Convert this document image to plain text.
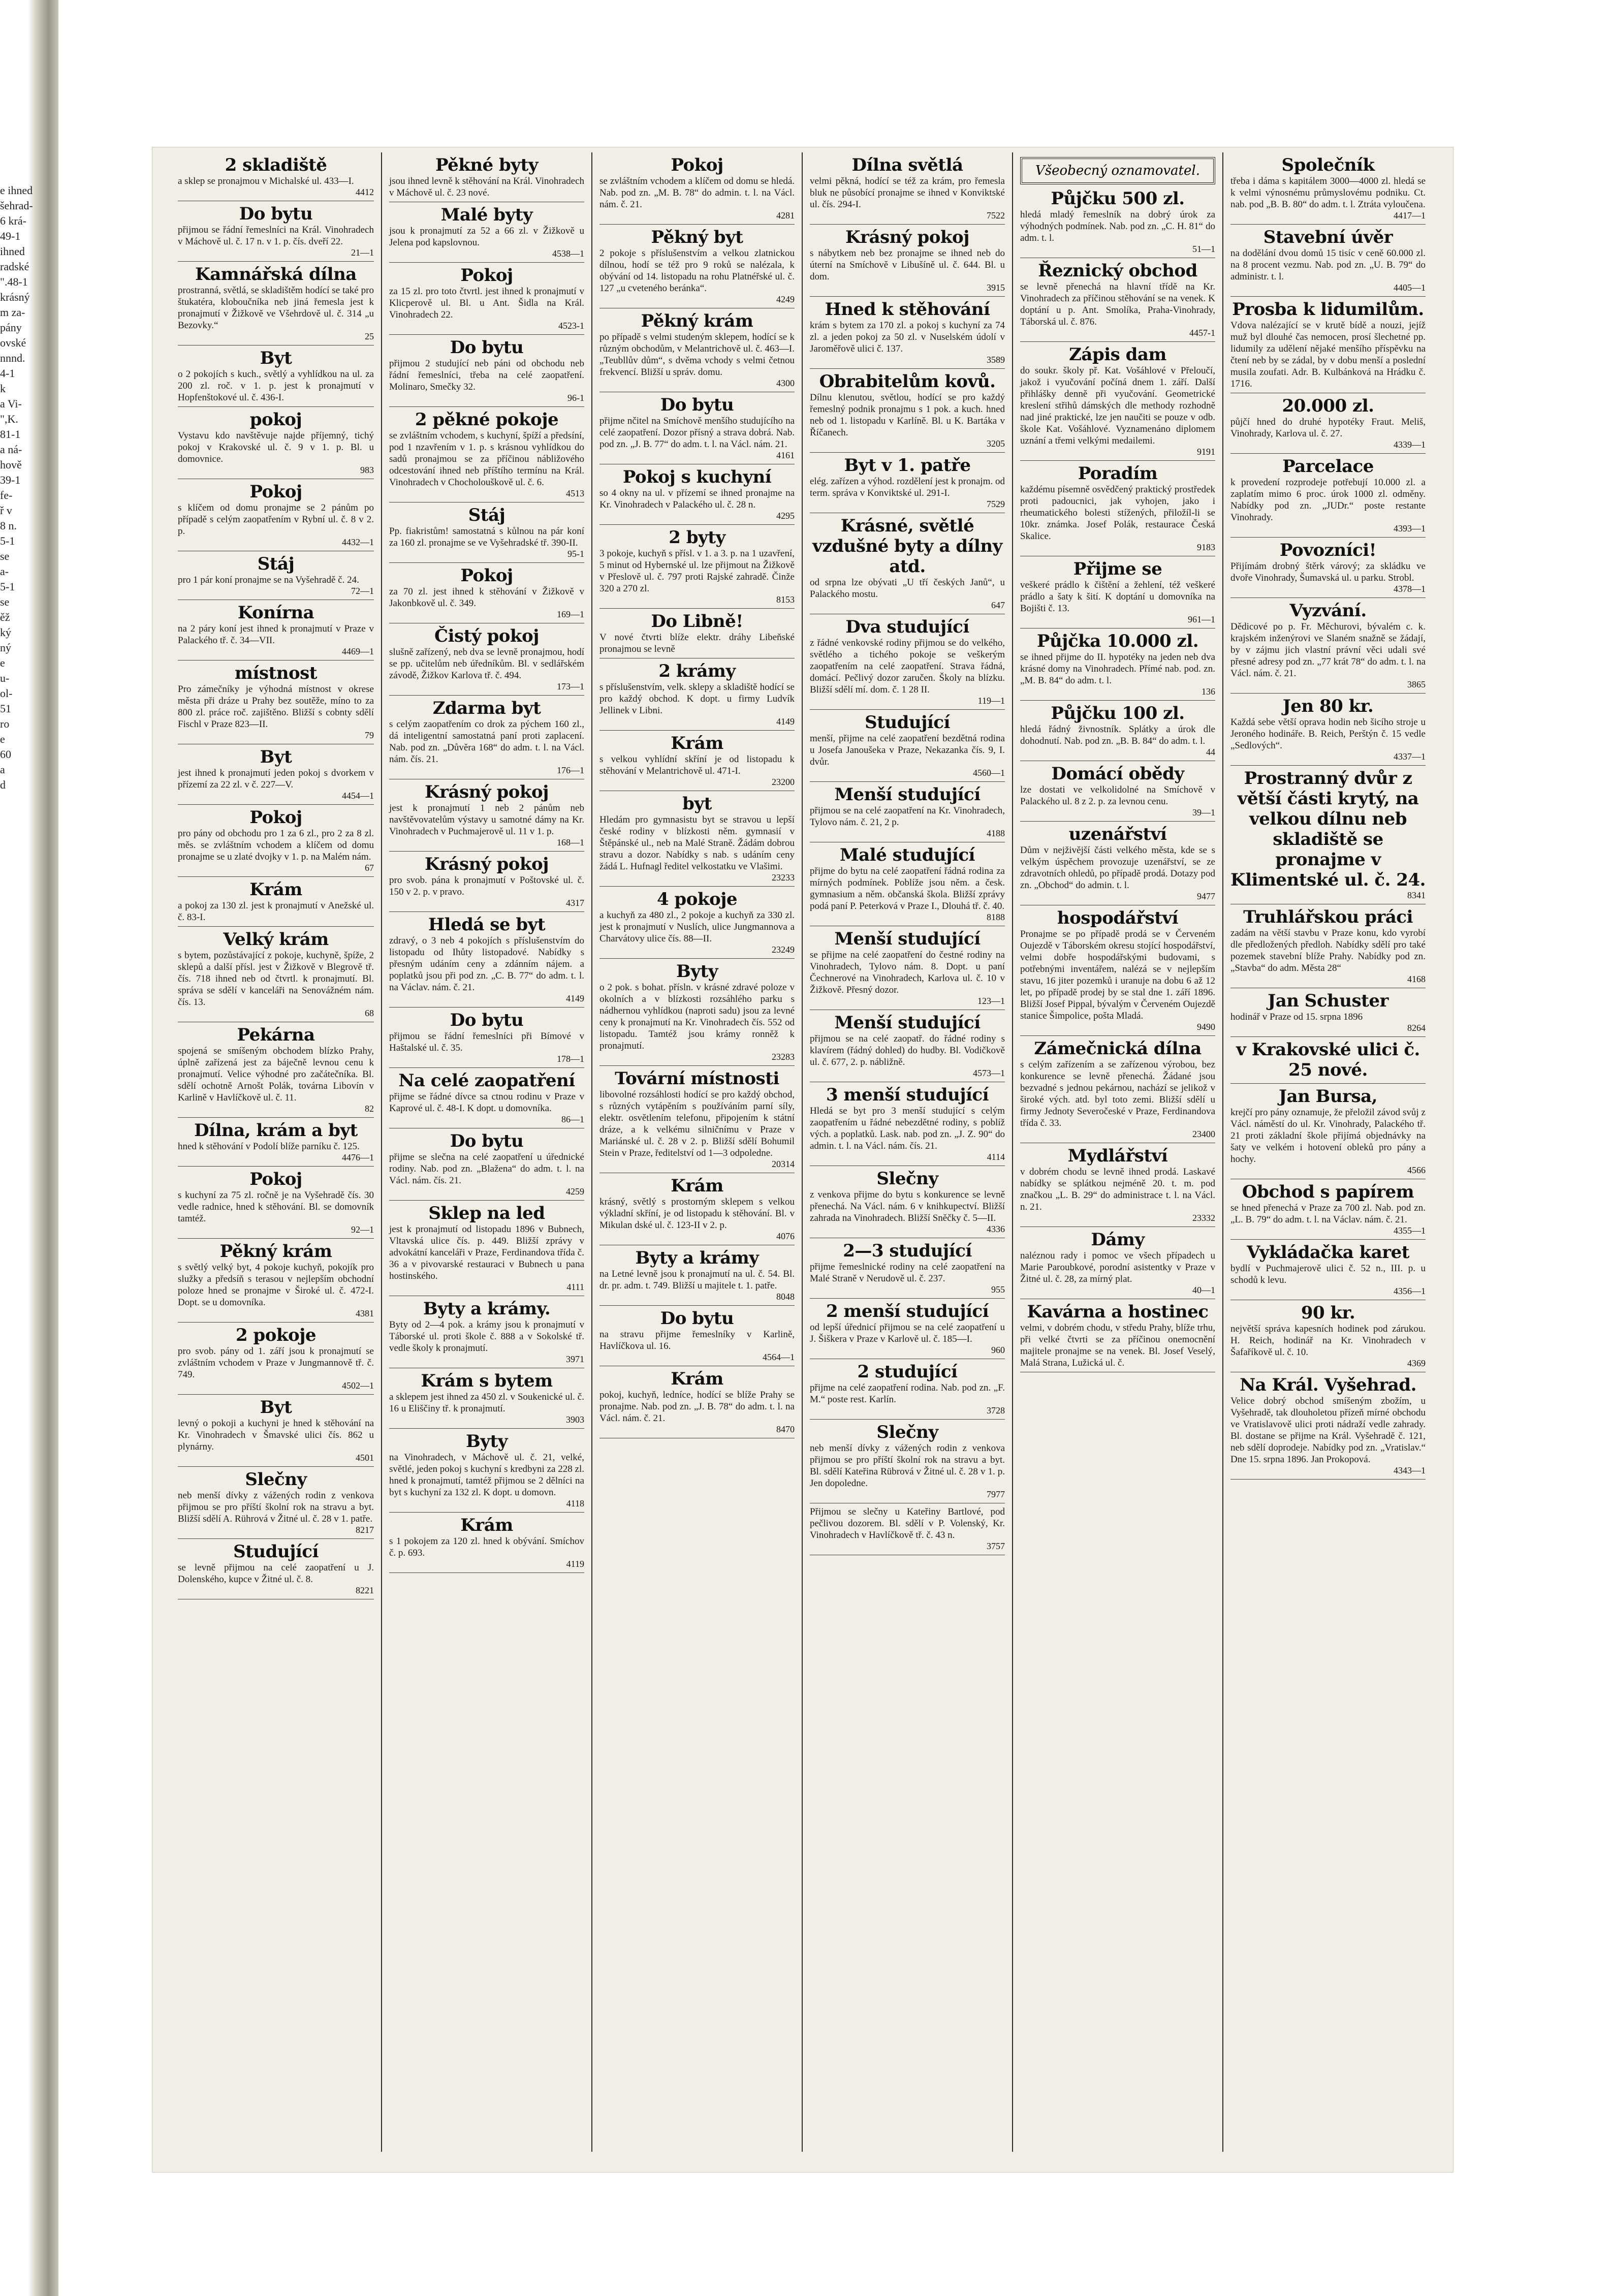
e ihned
šehrad-
6 krá-
49-1
ihned
radské
".48-1
krásný
m za-
pány
ovské
nnnd.
4-1
k
a Vi-
",K.
81-1
a ná-
hově
39-1
fe-
ř v
8 n.
5-1
se
a-
5-1
se
ěž
ký
ný
e
u-
ol-
51
ro
e
60
a
d
2 skladiště

a sklep se pronajmou v Michalské ul. 433—I.

4412
Do bytu

přijmou se řádní řemeslníci na Král. Vinohradech v Máchově ul. č. 17 n. v 1. p. čís. dveří 22.

21—1
Kamnářská dílna

prostranná, světlá, se skladištěm hodící se také pro štukatéra, kloboučníka neb jiná řemesla jest k pronajmutí v Žižkově ve Všehrdově ul. č. 314 „u Bezovky.“

25
Byt

o 2 pokojích s kuch., světlý a vyhlídkou na ul. za 200 zl. roč. v 1. p. jest k pronajmutí v Hopfenštokové ul. č. 436-I.

pokoj

Vystavu kdo navštěvuje najde příjemný, tichý pokoj v Krakovské ul. č. 9 v 1. p. Bl. u domovnice.

983
Pokoj

s klíčem od domu pronajme se 2 pánům po případě s celým zaopatřením v Rybní ul. č. 8 v 2. p.

4432—1
Stáj

pro 1 pár koní pronajme se na Vyšehradě č. 24.

72—1
Konírna

na 2 páry koní jest ihned k pronajmutí v Praze v Palackého tř. č. 34—VII.

4469—1
místnost

Pro zámečníky je výhodná místnost v okrese města při dráze u Prahy bez soutěže, míno to za 800 zl. práce roč. zajištěno. Bližší s cobnty sdělí Fischl v Praze 823—II.

79
Byt

jest ihned k pronajmutí jeden pokoj s dvorkem v přízemí za 22 zl. v č. 227—V.

4454—1
Pokoj

pro pány od obchodu pro 1 za 6 zl., pro 2 za 8 zl. měs. se zvláštním vchodem a klíčem od domu pronajme se u zlaté dvojky v 1. p. na Malém nám.

67
Krám

a pokoj za 130 zl. jest k pronajmutí v Anežské ul. č. 83-I.

Velký krám

s bytem, pozůstávající z pokoje, kuchyně, špíže, 2 sklepů a další přísl. jest v Žižkově v Blegrově tř. čís. 718 ihned neb od čtvrtl. k pronajmutí. Bl. správa se sdělí v kanceláři na Senovážném nám. čís. 13.

68
Pekárna

spojená se smíšeným obchodem blízko Prahy, úplně zařízená jest za báječně levnou cenu k pronajmutí. Velice výhodné pro začátečníka. Bl. sdělí ochotně Arnošt Polák, továrna Libovín v Karlině v Havlíčkově ul. č. 11.

82
Dílna, krám a byt

hned k stěhování v Podolí blíže parníku č. 125.

4476—1
Pokoj

s kuchyní za 75 zl. ročně je na Vyšehradě čís. 30 vedle radnice, hned k stěhování. Bl. se domovník tamtéž.

92—1
Pěkný krám

s světlý velký byt, 4 pokoje kuchyň, pokojík pro služky a předsíň s terasou v nejlepším obchodní poloze hned se pronajme v Široké ul. č. 472-I. Dopt. se u domovníka.

4381
2 pokoje

pro svob. pány od 1. září jsou k pronajmutí se zvláštním vchodem v Praze v Jungmannově tř. č. 749.

4502—1
Byt

levný o pokoji a kuchyni je hned k stěhování na Kr. Vinohradech v Šmavské ulici čís. 862 u plynárny.

4501
Slečny

neb menší dívky z vážených rodin z venkova přijmou se pro příští školní rok na stravu a byt. Bližší sdělí A. Rührová v Žitné ul. č. 28 v 1. patře.

8217
Studující

se levně přijmou na celé zaopatření u J. Dolenského, kupce v Žitné ul. č. 8.

8221
Pěkné byty

jsou ihned levně k stěhování na Král. Vinohradech v Máchově ul. č. 23 nové.

Malé byty

jsou k pronajmutí za 52 a 66 zl. v Žižkově u Jelena pod kapslovnou.

4538—1
Pokoj

za 15 zl. pro toto čtvrtl. jest ihned k pronajmutí v Klicperově ul. Bl. u Ant. Šidla na Král. Vinohradech 22.

4523-1
Do bytu

přijmou 2 studující neb páni od obchodu neb řádní řemeslníci, třeba na celé zaopatření. Molinaro, Smečky 32.

96-1
2 pěkné pokoje

se zvláštním vchodem, s kuchyní, špíží a předsíní, pod 1 nzavřením v 1. p. s krásnou vyhlídkou do sadů pronajmou se za příčinou nábližového odcestování ihned neb příštího termínu na Král. Vinohradech v Chocholouškově ul. č. 6.

4513
Stáj

Pp. fiakristům! samostatná s kůlnou na pár koní za 160 zl. pronajme se ve Vyšehradské tř. 390-II.

95-1
Pokoj

za 70 zl. jest ihned k stěhování v Žižkově v Jakonbkově ul. č. 349.

169—1
Čistý pokoj

slušně zařízený, neb dva se levně pronajmou, hodí se pp. učitelům neb úředníkům. Bl. v sedlářském závodě, Žižkov Karlova tř. č. 494.

173—1
Zdarma byt

s celým zaopatřením co drok za pýchem 160 zl., dá inteligentní samostatná paní proti zaplacení. Nab. pod zn. „Důvěra 168“ do adm. t. l. na Václ. nám. čís. 21.

176—1
Krásný pokoj

jest k pronajmutí 1 neb 2 pánům neb navštěvovatelům výstavy u samotné dámy na Kr. Vinohradech v Puchmajerově ul. 11 v 1. p.

168—1
Krásný pokoj

pro svob. pána k pronajmutí v Poštovské ul. č. 150 v 2. p. v pravo.

4317
Hledá se byt

zdravý, o 3 neb 4 pokojích s příslušenstvím do listopadu od Ihůty listopadové. Nabídky s přesným udáním ceny a zdánním nájem. a poplatků jsou při pod zn. „C. B. 77“ do adm. t. l. na Václav. nám. č. 21.

4149
Do bytu

přijmou se řádní řemeslníci při Bímové v Haštalské ul. č. 35.

178—1
Na celé zaopatření

přijme se řádné dívce sa ctnou rodinu v Praze v Kaprové ul. č. 48-I. K dopt. u domovníka.

86—1
Do bytu

přijme se slečna na celé zaopatření u úřednické rodiny. Nab. pod zn. „Blažena“ do adm. t. l. na Václ. nám. čís. 21.

4259
Sklep na led

jest k pronajmutí od listopadu 1896 v Bubnech, Vltavská ulice čís. p. 449. Bližší zprávy v advokátní kanceláři v Praze, Ferdinandova třída č. 36 a v pivovarské restauraci v Bubnech u pana hostinského.

4111
Byty a krámy.

Byty od 2—4 pok. a krámy jsou k pronajmutí v Táborské ul. proti škole č. 888 a v Sokolské tř. vedle školy k pronajmutí.

3971
Krám s bytem

a sklepem jest ihned za 450 zl. v Soukenické ul. č. 16 u Eliščiny tř. k pronajmutí.

3903
Byty

na Vinohradech, v Máchově ul. č. 21, velké, světlé, jeden pokoj s kuchyní s kredbyni za 228 zl. hned k pronajmutí, tamtéž přijmou se 2 dělníci na byt s kuchyní za 132 zl. K dopt. u domovn.

4118
Krám

s 1 pokojem za 120 zl. hned k obývání. Smíchov č. p. 693.

4119
Pokoj

se zvláštním vchodem a klíčem od domu se hledá. Nab. pod zn. „M. B. 78“ do admin. t. l. na Václ. nám. č. 21.

4281
Pěkný byt

2 pokoje s příslušenstvím a velkou zlatnickou dílnou, hodí se též pro 9 roků se nalézala, k obývání od 14. listopadu na rohu Platnéřské ul. č. 127 „u cveteného beránka“.

4249
Pěkný krám

po případě s velmi studeným sklepem, hodící se k různým obchodům, v Melantrichově ul. č. 463—I. „Teubllův dům“, s dvěma vchody s velmi četnou frekvencí. Bližší u správ. domu.

4300
Do bytu

přijme nčitel na Smíchově menšího studujícího na celé zaopatření. Dozor přísný a strava dobrá. Nab. pod zn. „J. B. 77“ do adm. t. l. na Václ. nám. 21.

4161
Pokoj s kuchyní

so 4 okny na ul. v přízemí se ihned pronajme na Kr. Vinohradech v Palackého ul. č. 28 n.

4295
2 byty

3 pokoje, kuchyň s přísl. v 1. a 3. p. na 1 uzavření, 5 minut od Hybernské ul. lze přijmout na Žižkově v Přeslově ul. č. 797 proti Rajské zahradě. Činže 320 a 270 zl.

8153
Do Libně!

V nové čtvrti blíže elektr. dráhy Libeňské pronajmou se levně

2 krámy

s příslušenstvím, velk. sklepy a skladiště hodící se pro každý obchod. K dopt. u firmy Ludvík Jellinek v Libni.

4149
Krám

s velkou vyhlídní skříní je od listopadu k stěhování v Melantrichově ul. 471-I.

23200
byt

Hledám pro gymnasistu byt se stravou u lepší české rodiny v blízkosti něm. gymnasií v Štěpánské ul., neb na Malé Straně. Žádám dobrou stravu a dozor. Nabídky s nab. s udáním ceny žádá L. Hufnagl ředitel velkostatku ve Vlašimi.

23233
4 pokoje

a kuchyň za 480 zl., 2 pokoje a kuchyň za 330 zl. jest k pronajmutí v Nuslích, ulice Jungmannova a Charvátovy ulice čís. 88—II.

23249
Byty

o 2 pok. s bohat. přísln. v krásné zdravé poloze v okolních a v blízkosti rozsáhlého parku s nádhernou vyhlídkou (naproti sadu) jsou za levné ceny k pronajmutí na Kr. Vinohradech čís. 552 od listopadu. Tamtéž jsou krámy ronněž k pronajmutí.

23283
Tovární místnosti

libovolné rozsáhlosti hodící se pro každý obchod, s různých vytápěním s používáním parní síly, elektr. osvětlením telefonu, připojením k státní dráze, a k velkému silničnímu v Praze v Mariánské ul. č. 28 v 2. p. Bližší sdělí Bohumil Stein v Praze, ředitelství od 1—3 odpoledne.

20314
Krám

krásný, světlý s prostorným sklepem s velkou výkladní skříní, je od listopadu k stěhování. Bl. v Mikulan dské ul. č. 123-II v 2. p.

4076
Byty a krámy

na Letné levně jsou k pronajmutí na ul. č. 54. Bl. dr. pr. adm. t. 749. Bližší u majitele t. 1. patře.

8048
Do bytu

na stravu přijme řemeslníky v Karlině, Havlíčkova ul. 16.

4564—1
Krám

pokoj, kuchyň, ledníce, hodící se blíže Prahy se pronajme. Nab. pod zn. „J. B. 78“ do adm. t. l. na Václ. nám. č. 21.

8470
Dílna světlá

velmi pěkná, hodící se též za krám, pro řemesla bluk ne působící pronajme se ihned v Konviktské ul. čís. 294-I.

7522
Krásný pokoj

s nábytkem neb bez pronajme se ihned neb do úterní na Smíchově v Libušíně ul. č. 644. Bl. u dom.

3915
Hned k stěhování

krám s bytem za 170 zl. a pokoj s kuchyní za 74 zl. a jeden pokoj za 50 zl. v Nuselském údolí v Jaroměřově ulici č. 137.

3589
Obrabitelům kovů.

Dílnu klenutou, světlou, hodící se pro každý řemeslný podnik pronajmu s 1 pok. a kuch. hned neb od 1. listopadu v Karlíně. Bl. u K. Bartáka v Říčanech.

3205
Byt v 1. patře

elég. zařízen a výhod. rozdělení jest k pronajm. od term. správa v Konviktské ul. 291-I.

7529
Krásné, světlé vzdušné byty a dílny atd.

od srpna lze obývati „U tří českých Janů“, u Palackého mostu.

647
Dva studující

z řádné venkovské rodiny přijmou se do velkého, světlého a tichého pokoje se veškerým zaopatřením na celé zaopatření. Strava řádná, domácí. Pečlivý dozor zaručen. Školy na blízku. Bližší sdělí mí. dom. č. 1 28 II.

119—1
Studující

menší, přijme na celé zaopatření bezdětná rodina u Josefa Janoušeka v Praze, Nekazanka čís. 9, I. dvůr.

4560—1
Menší studující

přijmou se na celé zaopatření na Kr. Vinohradech, Tylovo nám. č. 21, 2 p.

4188
Malé studující

přijme do bytu na celé zaopatření řádná rodina za mírných podmínek. Poblíže jsou něm. a česk. gymnasium a něm. občanská škola. Bližší zprávy podá paní P. Peterková v Praze I., Dlouhá tř. č. 40.

8188
Menší studující

se přijme na celé zaopatření do čestné rodiny na Vinohradech, Tylovo nám. 8. Dopt. u paní Čechnerové na Vinohradech, Karlova ul. č. 10 v Žižkově. Přesný dozor.

123—1
Menší studující

přijmou se na celé zaopatř. do řádné rodiny s klavírem (řádný dohled) do hudby. Bl. Vodičkově ul. č. 677, 2. p. nábližně.

4573—1
3 menší studující

Hledá se byt pro 3 menší studující s celým zaopatřením u řádné nebezdětné rodiny, s poblíž vých. a poplatků. Lask. nab. pod zn. „J. Z. 90“ do admin. t. l. na Václ. nám. čís. 21.

4114
Slečny

z venkova přijme do bytu s konkurence se levně přenechá. Na Václ. nám. 6 v knihkupectví. Bližší zahrada na Vinohradech. Bližší Sněčky č. 5—II.

4336
2—3 studující

přijme řemeslnické rodiny na celé zaopatření na Malé Straně v Nerudově ul. č. 237.

955
2 menší studující

od lepší úřednicí přijmou se na celé zaopatření u J. Šiškera v Praze v Karlově ul. č. 185—I.

960
2 studující

přijme na celé zaopatření rodina. Nab. pod zn. „F. M.“ poste rest. Karlín.

3728
Slečny

neb menší dívky z vážených rodin z venkova přijmou se pro příští školní rok na stravu a byt. Bl. sdělí Kateřina Rübrová v Žitné ul. č. 28 v 1. p. Jen dopoledne.

7977

Přijmou se slečny u Kateřiny Bartlové, pod pečlivou dozorem. Bl. sdělí v P. Volenský, Kr. Vinohradech v Havlíčkově tř. č. 43 n.

3757
Všeobecný oznamovatel.
Půjčku 500 zl.

hledá mladý řemeslník na dobrý úrok za výhodných podmínek. Nab. pod zn. „C. H. 81“ do adm. t. l.

51—1
Řeznický obchod

se levně přenechá na hlavní třídě na Kr. Vinohradech za příčinou stěhování se na venek. K doptání u p. Ant. Smolíka, Praha-Vinohrady, Táborská ul. č. 876.

4457-1
Zápis dam

do soukr. školy př. Kat. Vošáhlové v Přeloučí, jakož i vyučování počíná dnem 1. září. Další přihlášky denně při vyučování. Geometrické kreslení střihů dámských dle methody rozhodně nad jiné praktické, lze jen naučiti se pouze v odb. škole Kat. Vošáhlové. Vyznamenáno diplomem uznání a třemi velkými medailemi.

9191
Poradím

každému písemně osvědčený praktický prostředek proti padoucnici, jak vyhojen, jako i rheumatického bolesti stížených, přiložíl-li se 10kr. známka. Josef Polák, restaurace Česká Skalice.

9183
Přijme se

veškeré prádlo k čištění a žehlení, též veškeré prádlo a šaty k šití. K doptání u domovníka na Bojišti č. 13.

961—1
Půjčka 10.000 zl.

se ihned přijme do II. hypotéky na jeden neb dva krásné domy na Vinohradech. Přímé nab. pod. zn. „M. B. 84“ do adm. t. l.

136
Půjčku 100 zl.

hledá řádný živnostník. Splátky a úrok dle dohodnutí. Nab. pod zn. „B. B. 84“ do adm. t. l.

44
Domácí obědy

lze dostati ve velkolidolné na Smíchově v Palackého ul. 8 z 2. p. za levnou cenu.

39—1
uzenářství

Dům v nejživější části velkého města, kde se s velkým úspěchem provozuje uzenářství, se ze zdravotních ohledů, po případě prodá. Dotazy pod zn. „Obchod“ do admin. t. l.

9477
hospodářství

Pronajme se po případě prodá se v Červeném Oujezdě v Táborském okresu stojící hospodářství, velmi dobře hospodářskými budovami, s potřebnými inventářem, nalézá se v nejlepším stavu, 16 jiter pozemků i uranuje na dobu 6 až 12 let, po případě prodej by se stal dne 1. září 1896. Bližší Josef Pippal, bývalým v Červeném Oujezdě stanice Šimpolice, pošta Mladá.

9490
Zámečnická dílna

s celým zařízením a se zařízenou výrobou, bez konkurence se levně přenechá. Žádané jsou bezvadné s jednou pekárnou, nachází se jelikož v široké vých. atd. byl toto zemi. Bližší sdělí u firmy Jednoty Severočeské v Praze, Ferdinandova třída č. 33.

23400
Mydlářství

v dobrém chodu se levně ihned prodá. Laskavé nabídky se splátkou nejméně 20. t. m. pod značkou „L. B. 29“ do administrace t. l. na Václ. n. 21.

23332
Dámy

naléznou rady i pomoc ve všech případech u Marie Paroubkové, porodní asistentky v Praze v Žitné ul. č. 28, za mírný plat.

40—1
Kavárna a hostinec

velmi, v dobrém chodu, v středu Prahy, blíže trhu, při velké čtvrti se za příčinou onemocnění majitele pronajme se na venek. Bl. Josef Veselý, Malá Strana, Lužická ul. č.

Společník

třeba i dáma s kapitálem 3000—4000 zl. hledá se k velmi výnosnému průmyslovému podniku. Ct. nab. pod „B. B. 80“ do adm. t. l. Ztráta vyloučena.

4417—1
Stavební úvěr

na dodělání dvou domů 15 tisíc v ceně 60.000 zl. na 8 procent vezmu. Nab. pod zn. „U. B. 79“ do administr. t. l.

4405—1
Prosba k lidumilům.

Vdova nalézající se v krutě bídě a nouzi, jejíž muž byl dlouhé čas nemocen, prosí šlechetné pp. lidumily za udělení nějaké menšího příspěvku na čtení neb by se zádal, by v dobu menší a poslední musila zoufati. Adr. B. Kulbánková na Hrádku č. 1716.

20.000 zl.

půjčí hned do druhé hypotéky Fraut. Meliš, Vinohrady, Karlova ul. č. 27.

4339—1
Parcelace

k provedení rozprodeje potřebují 10.000 zl. a zaplatím mimo 6 proc. úrok 1000 zl. odměny. Nabídky pod zn. „JUDr.“ poste restante Vinohrady.

4393—1
Povozníci!

Přijímám drobný štěrk várový; za skládku ve dvoře Vinohrady, Šumavská ul. u parku. Strobl.

4378—1
Vyzvání.

Dědicové po p. Fr. Měchurovi, bývalém c. k. krajském inženýrovi ve Slaném snažně se žádají, by v zájmu jich vlastní právní věci udali své přesné adresy pod zn. „77 krát 78“ do adm. t. l. na Václ. nám. č. 21.

3865
Jen 80 kr.

Každá sebe větší oprava hodin neb šicího stroje u Jeroného hodináře. B. Reich, Perštýn č. 15 vedle „Sedlových“.

4337—1
Prostranný dvůr z větší části krytý, na velkou dílnu neb skladiště se pronajme v Klimentské ul. č. 24.
8341
Truhlářskou práci

zadám na větší stavbu v Praze konu, kdo vyrobí dle předložených předloh. Nabídky sdělí pro také pozemek stavební blíže Prahy. Nabídky pod zn. „Stavba“ do adm. Města 28“

4168
Jan Schuster

hodinář v Praze od 15. srpna 1896

8264
v Krakovské ulici č. 25 nové.
Jan Bursa,

krejčí pro pány oznamuje, že přeložil závod svůj z Václ. náměstí do ul. Kr. Vinohrady, Palackého tř. 21 proti základní škole přijímá objednávky na šaty ve velkém i hotovení obleků pro pány a hochy.

4566
Obchod s papírem

se hned přenechá v Praze za 700 zl. Nab. pod zn. „L. B. 79“ do adm. t. l. na Václav. nám. č. 21.

4355—1
Vykládačka karet

bydlí v Puchmajerově ulici č. 52 n., III. p. u schodů k levu.

4356—1
90 kr.

největší správa kapesních hodinek pod zárukou. H. Reich, hodinář na Kr. Vinohradech v Šafaříkově ul. č. 10.

4369
Na Král. Vyšehrad.

Velice dobrý obchod smíšeným zbožím, u Vyšehradě, tak dlouholetou přízeň mírné obchodu ve Vratislavově ulici proti nádraží vedle zahrady. Bl. dostane se přijme na Král. Vyšehradě č. 121, neb sdělí doprodeje. Nabídky pod zn. „Vratislav.“ Dne 15. srpna 1896. Jan Prokopová.

4343—1
